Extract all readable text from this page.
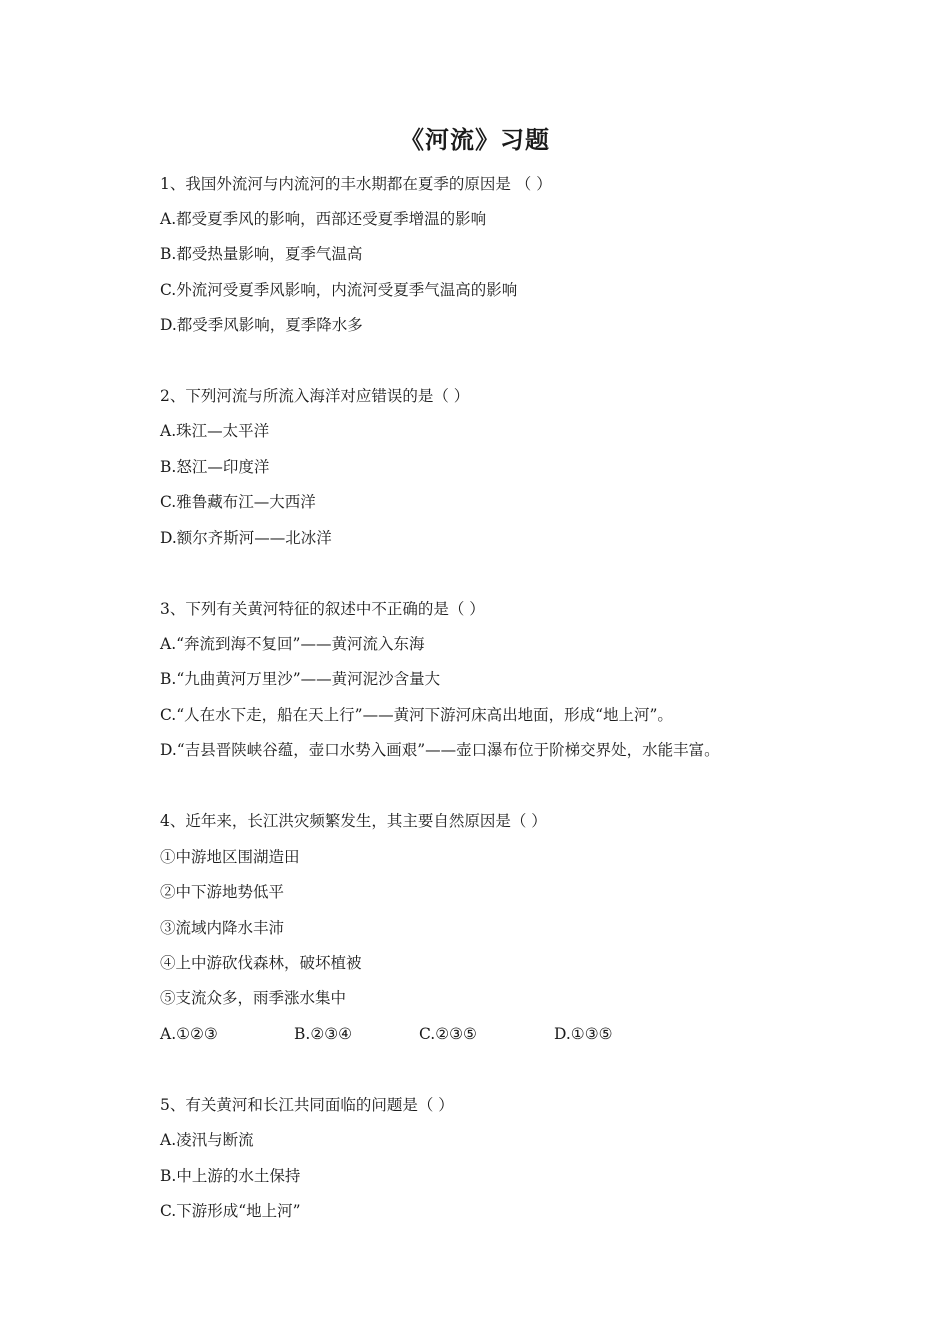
《河流》习题
1、我国外流河与内流河的丰水期都在夏季的原因是 （ ）
A.都受夏季风的影响，西部还受夏季增温的影响
B.都受热量影响，夏季气温高
C.外流河受夏季风影响，内流河受夏季气温高的影响
D.都受季风影响，夏季降水多
2、下列河流与所流入海洋对应错误的是（ ）
A.珠江—太平洋
B.怒江—印度洋
C.雅鲁藏布江—大西洋
D.额尔齐斯河——北冰洋
3、下列有关黄河特征的叙述中不正确的是（ ）
A.“奔流到海不复回”——黄河流入东海
B.“九曲黄河万里沙”——黄河泥沙含量大
C.“人在水下走，船在天上行”——黄河下游河床高出地面，形成“地上河”。
D.“吉县晋陕峡谷蕴，壶口水势入画艰”——壶口瀑布位于阶梯交界处，水能丰富。
4、近年来，长江洪灾频繁发生，其主要自然原因是（ ）
①中游地区围湖造田
②中下游地势低平
③流域内降水丰沛
④上中游砍伐森林，破坏植被
⑤支流众多，雨季涨水集中
A.①②③	B.②③④	C.②③⑤	D.①③⑤
5、有关黄河和长江共同面临的问题是（ ）
A.凌汛与断流
B.中上游的水土保持
C.下游形成“地上河”
